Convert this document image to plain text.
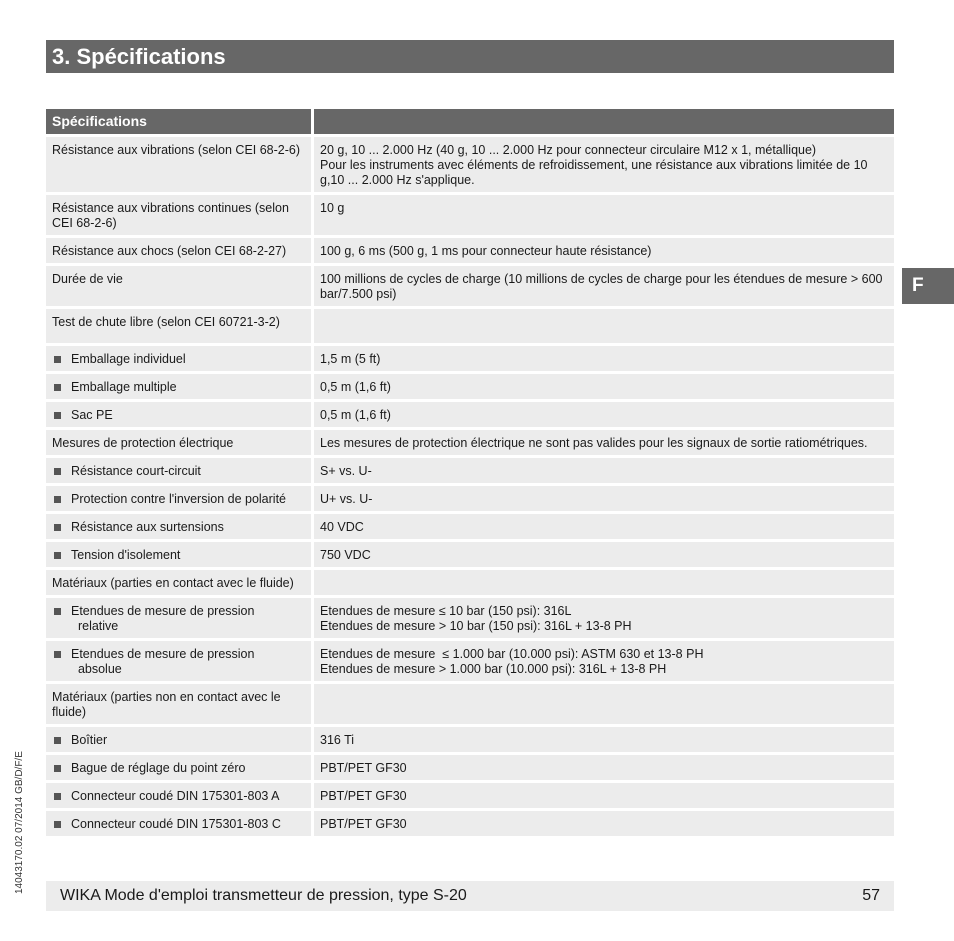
3. Spécifications
Spécifications	
Résistance aux vibrations (selon CEI 68-2-6)	20 g, 10 ... 2.000 Hz (40 g, 10 ... 2.000 Hz pour connecteur circulaire M12 x 1, métallique)
Pour les instruments avec éléments de refroidissement, une résistance aux vibrations limitée de 10 g,10 ... 2.000 Hz s'applique.
Résistance aux vibrations continues (selon CEI 68-2-6)	10 g
Résistance aux chocs (selon CEI 68-2-27)	100 g, 6 ms (500 g, 1 ms pour connecteur haute résistance)
Durée de vie	100 millions de cycles de charge (10 millions de cycles de charge pour les étendues de mesure > 600 bar/7.500 psi)
Test de chute libre (selon CEI 60721-3-2)	

Emballage individuel	1,5 m (5 ft)

Emballage multiple	0,5 m (1,6 ft)

Sac PE	0,5 m (1,6 ft)
Mesures de protection électrique	Les mesures de protection électrique ne sont pas valides pour les signaux de sortie ratiométriques.

Résistance court-circuit	S+ vs. U-

Protection contre l'inversion de polarité	U+ vs. U-

Résistance aux surtensions	40 VDC

Tension d'isolement	750 VDC
Matériaux (parties en contact avec le fluide)	

Etendues de mesure de pression
relative	Etendues de mesure ≤ 10 bar (150 psi): 316L
Etendues de mesure > 10 bar (150 psi): 316L + 13-8 PH

Etendues de mesure de pression
absolue	Etendues de mesure  ≤ 1.000 bar (10.000 psi): ASTM 630 et 13-8 PH
Etendues de mesure > 1.000 bar (10.000 psi): 316L + 13-8 PH
Matériaux (parties non en contact avec le fluide)	

Boîtier	316 Ti

Bague de réglage du point zéro	PBT/PET GF30

Connecteur coudé DIN 175301-803 A	PBT/PET GF30

Connecteur coudé DIN 175301-803 C	PBT/PET GF30
F
14043170.02 07/2014 GB/D/F/E
WIKA Mode d'emploi transmetteur de pression, type S-20	57
